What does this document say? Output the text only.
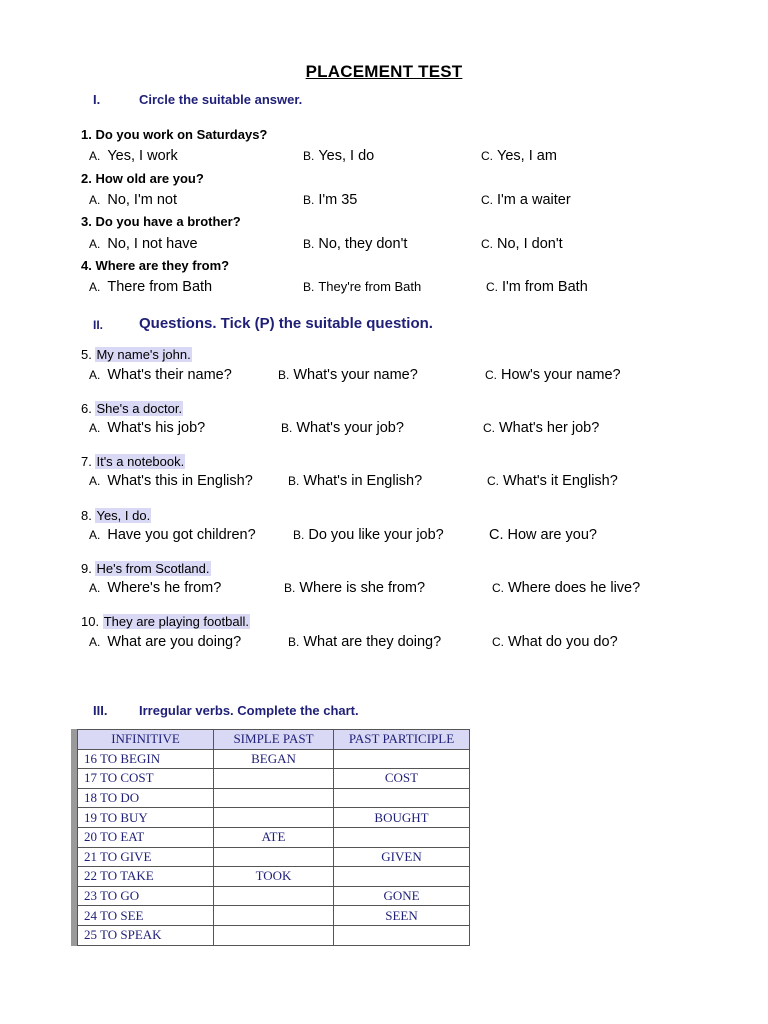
PLACEMENT TEST
I.	Circle the suitable answer.
1. Do you work on Saturdays?
A. Yes, I work	B. Yes, I do	C. Yes, I am
2. How old are you?
A. No, I'm not	B. I'm 35	C. I'm a waiter
3. Do you have a brother?
A. No, I not have	B. No, they don't	C. No, I don't
4. Where are they from?
A. There from Bath	B. They're from Bath	C. I'm from Bath
II. Questions. Tick (P) the suitable question.
5. My name's john.
A. What's their name?	B. What's your name?	C. How's your name?
6. She's a doctor.
A. What's his job?	B. What's your job?	C. What's her job?
7. It's a notebook.
A. What's this in English?	B. What's in English?	C. What's it English?
8. Yes, I do.
A. Have you got children?	B. Do you like your job?	C. How are you?
9. He's from Scotland.
A. Where's he from?	B. Where is she from?	C. Where does he live?
10. They are playing football.
A. What are you doing?	B. What are they doing?	C. What do you do?
III. Irregular verbs. Complete the chart.
INFINITIVE	SIMPLE PAST	PAST PARTICIPLE
16 TO BEGIN	BEGAN	
17 TO COST		COST
18 TO DO		
19 TO BUY		BOUGHT
20 TO EAT	ATE	
21 TO GIVE		GIVEN
22 TO TAKE	TOOK	
23 TO GO		GONE
24 TO SEE		SEEN
25 TO SPEAK		
